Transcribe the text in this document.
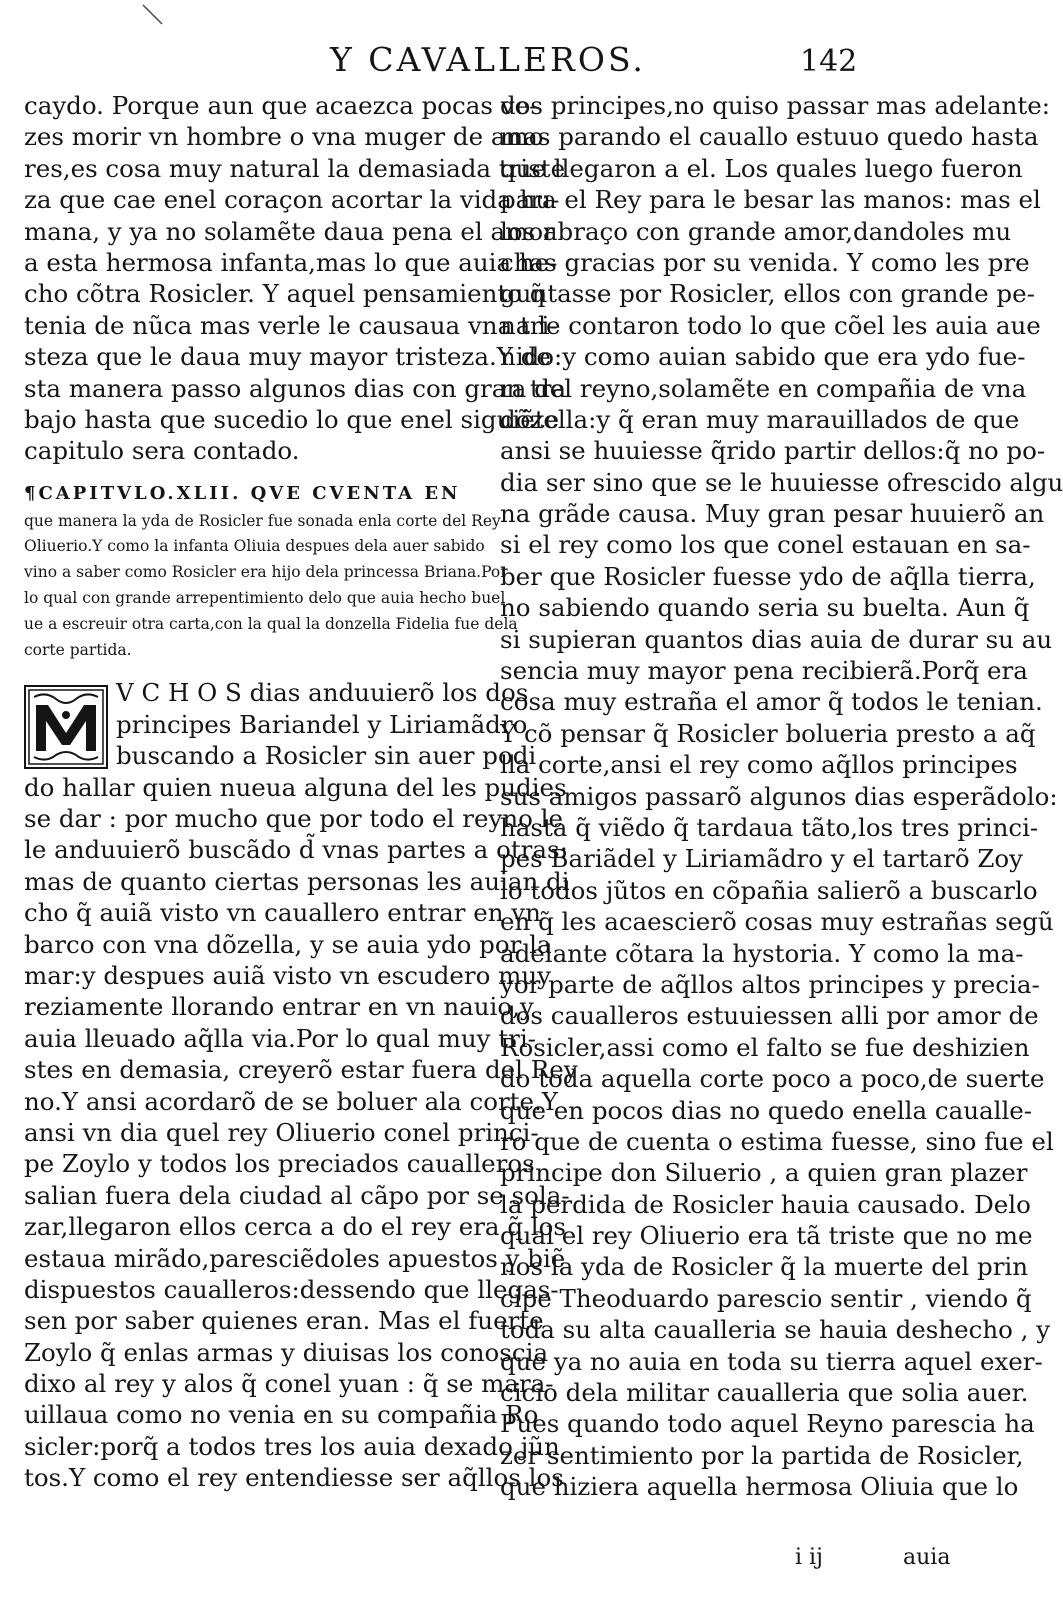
Y CAVALLEROS.	142
caydo. Porque aun que acaezca pocas ve-
zes morir vn hombre o vna muger de amo
res,es cosa muy natural la demasiada triste
za que cae enel coraçon acortar la vida hu-
mana, y ya no solamẽte daua pena el amor
a esta hermosa infanta,mas lo que auia he-
cho cõtra Rosicler. Y aquel pensamiento q̃
tenia de nũca mas verle le causaua vna tri-
steza que le daua muy mayor tristeza.Y de
sta manera passo algunos dias con gran tra
bajo hasta que sucedio lo que enel siguiẽte
capitulo sera contado.
¶CAPITVLO.XLII. QVE CVENTA EN
que manera la yda de Rosicler fue sonada enla corte del Rey
Oliuerio.Y como la infanta Oliuia despues dela auer sabido
vino a saber como Rosicler era hijo dela princessa Briana.Por
lo qual con grande arrepentimiento delo que auia hecho buel
ue a escreuir otra carta,con la qual la donzella Fidelia fue dela
corte partida.
V C H O S dias anduuierõ los dos
principes Bariandel y Liriamãdro
buscando a Rosicler sin auer podi
do hallar quien nueua alguna del les pudies
se dar : por mucho que por todo el reyno le
le anduuierõ buscãdo d̃ vnas partes a otras:
mas de quanto ciertas personas les auian di
cho q̃ auiã visto vn cauallero entrar en vn
barco con vna dõzella, y se auia ydo por la
mar:y despues auiã visto vn escudero muy
reziamente llorando entrar en vn nauio,y
auia lleuado aq̃lla via.Por lo qual muy tri-
stes en demasia, creyerõ estar fuera del Rey
no.Y ansi acordarõ de se boluer ala corte.Y
ansi vn dia quel rey Oliuerio conel princi-
pe Zoylo y todos los preciados caualleros
salian fuera dela ciudad al cãpo por se sola-
zar,llegaron ellos cerca a do el rey era q̃ los
estaua mirãdo,paresciẽdoles apuestos y biẽ
dispuestos caualleros:dessendo que llegas-
sen por saber quienes eran. Mas el fuerte
Zoylo q̃ enlas armas y diuisas los conoscia
dixo al rey y alos q̃ conel yuan : q̃ se mara-
uillaua como no venia en su compañia Ro
sicler:porq̃ a todos tres los auia dexado jũn
tos.Y como el rey entendiesse ser aq̃llos los
dos principes,no quiso passar mas adelante:
mas parando el cauallo estuuo quedo hasta
que llegaron a el. Los quales luego fueron
para el Rey para le besar las manos: mas el
los abraço con grande amor,dandoles mu
chas gracias por su venida. Y como les pre
guntasse por Rosicler, ellos con grande pe-
na le contaron todo lo que cõel les auia aue
nido:y como auian sabido que era ydo fue-
ra del reyno,solamẽte en compañia de vna
dõzella:y q̃ eran muy marauillados de que
ansi se huuiesse q̃rido partir dellos:q̃ no po-
dia ser sino que se le huuiesse ofrescido algu
na grãde causa. Muy gran pesar huuierõ an
si el rey como los que conel estauan en sa-
ber que Rosicler fuesse ydo de aq̃lla tierra,
no sabiendo quando seria su buelta. Aun q̃
si supieran quantos dias auia de durar su au
sencia muy mayor pena recibierã.Porq̃ era
cosa muy estraña el amor q̃ todos le tenian.
Y cõ pensar q̃ Rosicler bolueria presto a aq̃
lla corte,ansi el rey como aq̃llos principes
sus amigos passarõ algunos dias esperãdolo:
hasta q̃ viẽdo q̃ tardaua tãto,los tres princi-
pes Bariãdel y Liriamãdro y el tartarõ Zoy
lo todos jũtos en cõpañia salierõ a buscarlo
en q̃ les acaescierõ cosas muy estrañas segũ
adelante cõtara la hystoria. Y como la ma-
yor parte de aq̃llos altos principes y precia-
dos caualleros estuuiessen alli por amor de
Rosicler,assi como el falto se fue deshizien
do toda aquella corte poco a poco,de suerte
que en pocos dias no quedo enella caualle-
ro que de cuenta o estima fuesse, sino fue el
principe don Siluerio , a quien gran plazer
la perdida de Rosicler hauia causado. Delo
qual el rey Oliuerio era tã triste que no me
nos la yda de Rosicler q̃ la muerte del prin
cipe Theoduardo parescio sentir , viendo q̃
toda su alta caualleria se hauia deshecho , y
que ya no auia en toda su tierra aquel exer-
cicio dela militar caualleria que solia auer.
Pues quando todo aquel Reyno parescia ha
zer sentimiento por la partida de Rosicler,
que hiziera aquella hermosa Oliuia que lo
i ij	auia
